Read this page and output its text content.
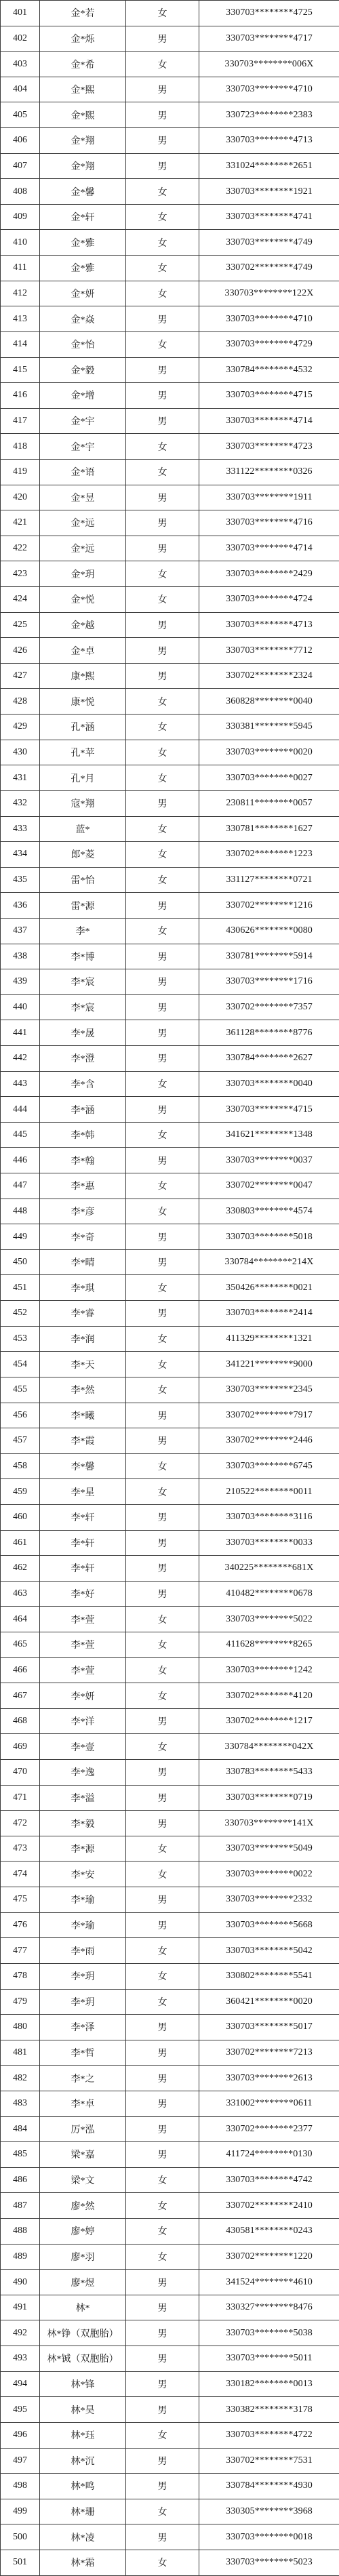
401	金*若	女	330703********4725
402	金*烁	男	330703********4717
403	金*希	女	330703********006X
404	金*熙	男	330703********4710
405	金*熙	男	330723********2383
406	金*翔	男	330703********4713
407	金*翔	男	331024********2651
408	金*馨	女	330703********1921
409	金*轩	女	330703********4741
410	金*雅	女	330703********4749
411	金*雅	女	330702********4749
412	金*妍	女	330703********122X
413	金*焱	男	330703********4710
414	金*怡	女	330703********4729
415	金*毅	男	330784********4532
416	金*增	男	330703********4715
417	金*宇	男	330703********4714
418	金*宇	女	330703********4723
419	金*语	女	331122********0326
420	金*昱	男	330703********1911
421	金*远	男	330703********4716
422	金*远	男	330703********4714
423	金*玥	女	330703********2429
424	金*悦	女	330703********4724
425	金*越	男	330703********4713
426	金*卓	男	330703********7712
427	康*熙	男	330702********2324
428	康*悦	女	360828********0040
429	孔*涵	女	330381********5945
430	孔*苹	女	330703********0020
431	孔*月	女	330703********0027
432	寇*翔	男	230811********0057
433	蓝*	女	330781********1627
434	郎*菱	女	330702********1223
435	雷*怡	女	331127********0721
436	雷*源	男	330702********1216
437	李*	女	430626********0080
438	李*博	男	330781********5914
439	李*宸	男	330703********1716
440	李*宸	男	330702********7357
441	李*晟	男	361128********8776
442	李*澄	男	330784********2627
443	李*含	女	330703********0040
444	李*涵	男	330703********4715
445	李*韩	女	341621********1348
446	李*翰	男	330703********0037
447	李*惠	女	330702********0047
448	李*彦	女	330803********4574
449	李*奇	男	330703********5018
450	李*晴	男	330784********214X
451	李*琪	女	350426********0021
452	李*睿	男	330703********2414
453	李*润	女	411329********1321
454	李*天	女	341221********9000
455	李*然	女	330703********2345
456	李*曦	男	330702********7917
457	李*霞	男	330702********2446
458	李*馨	女	330703********6745
459	李*星	女	210522********0011
460	李*轩	男	330703********3116
461	李*轩	男	330703********0033
462	李*轩	男	340225********681X
463	李*好	男	410482********0678
464	李*萱	女	330703********5022
465	李*萱	女	411628********8265
466	李*萱	女	330703********1242
467	李*妍	女	330702********4120
468	李*洋	男	330702********1217
469	李*壹	女	330784********042X
470	李*逸	男	330783********5433
471	李*溢	男	330703********0719
472	李*毅	男	330703********141X
473	李*源	女	330703********5049
474	李*安	女	330703********0022
475	李*瑜	男	330703********2332
476	李*瑜	男	330703********5668
477	李*雨	女	330703********5042
478	李*玥	女	330802********5541
479	李*玥	女	360421********0020
480	李*泽	男	330703********5017
481	李*哲	男	330702********7213
482	李*之	男	330703********2613
483	李*卓	男	331002********0611
484	厉*泓	男	330702********2377
485	梁*嘉	男	411724********0130
486	梁*文	女	330703********4742
487	廖*然	女	330702********2410
488	廖*婷	女	430581********0243
489	廖*羽	女	330702********1220
490	廖*煜	男	341524********4610
491	林*	男	330327********8476
492	林*铮（双胞胎）	男	330703********5038
493	林*铖（双胞胎）	男	330703********5011
494	林*锋	男	330182********0013
495	林*昊	男	330382********3178
496	林*珏	女	330703********4722
497	林*沉	男	330702********7531
498	林*鸣	男	330784********4930
499	林*珊	女	330305********3968
500	林*凌	男	330703********0018
501	林*霜	女	330703********5023
